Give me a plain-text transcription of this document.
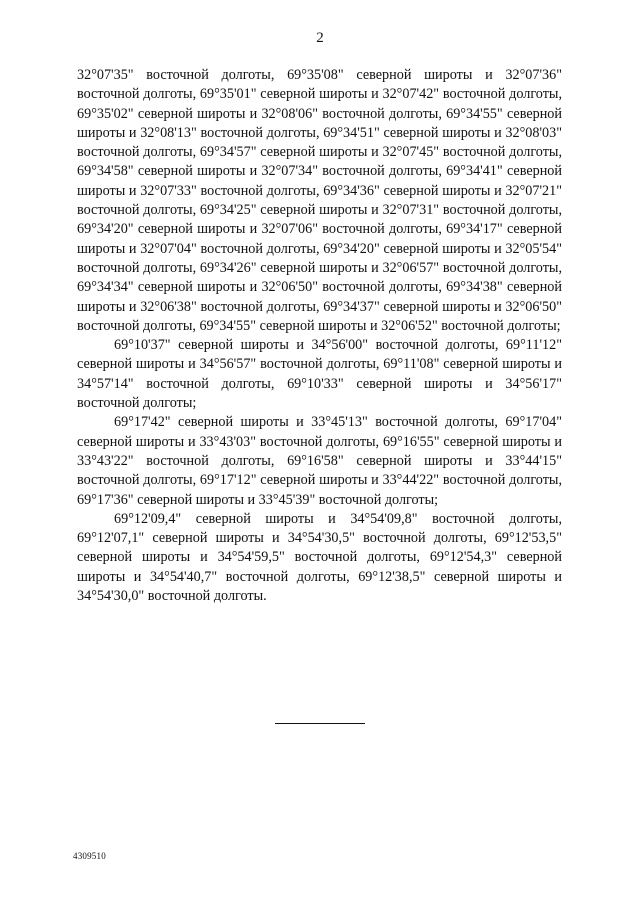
2

32°07'35" восточной долготы, 69°35'08" северной широты и 32°07'36" восточной долготы, 69°35'01" северной широты и 32°07'42" восточной долготы, 69°35'02" северной широты и 32°08'06" восточной долготы, 69°34'55" северной широты и 32°08'13" восточной долготы, 69°34'51" северной широты и 32°08'03" восточной долготы, 69°34'57" северной широты и 32°07'45" восточной долготы, 69°34'58" северной широты и 32°07'34" восточной долготы, 69°34'41" северной широты и 32°07'33" восточной долготы, 69°34'36" северной широты и 32°07'21" восточной долготы, 69°34'25" северной широты и 32°07'31" восточной долготы, 69°34'20" северной широты и 32°07'06" восточной долготы, 69°34'17" северной широты и 32°07'04" восточной долготы, 69°34'20" северной широты и 32°05'54" восточной долготы, 69°34'26" северной широты и 32°06'57" восточной долготы, 69°34'34" северной широты и 32°06'50" восточной долготы, 69°34'38" северной широты и 32°06'38" восточной долготы, 69°34'37" северной широты и 32°06'50" восточной долготы, 69°34'55" северной широты и 32°06'52" восточной долготы;

69°10'37" северной широты и 34°56'00" восточной долготы, 69°11'12" северной широты и 34°56'57" восточной долготы, 69°11'08" северной широты и 34°57'14" восточной долготы, 69°10'33" северной широты и 34°56'17" восточной долготы;

69°17'42" северной широты и 33°45'13" восточной долготы, 69°17'04" северной широты и 33°43'03" восточной долготы, 69°16'55" северной широты и 33°43'22" восточной долготы, 69°16'58" северной широты и 33°44'15" восточной долготы, 69°17'12" северной широты и 33°44'22" восточной долготы, 69°17'36" северной широты и 33°45'39" восточной долготы;

69°12'09,4" северной широты и 34°54'09,8" восточной долготы, 69°12'07,1" северной широты и 34°54'30,5" восточной долготы, 69°12'53,5" северной широты и 34°54'59,5" восточной долготы, 69°12'54,3" северной широты и 34°54'40,7" восточной долготы, 69°12'38,5" северной широты и 34°54'30,0" восточной долготы.

4309510
